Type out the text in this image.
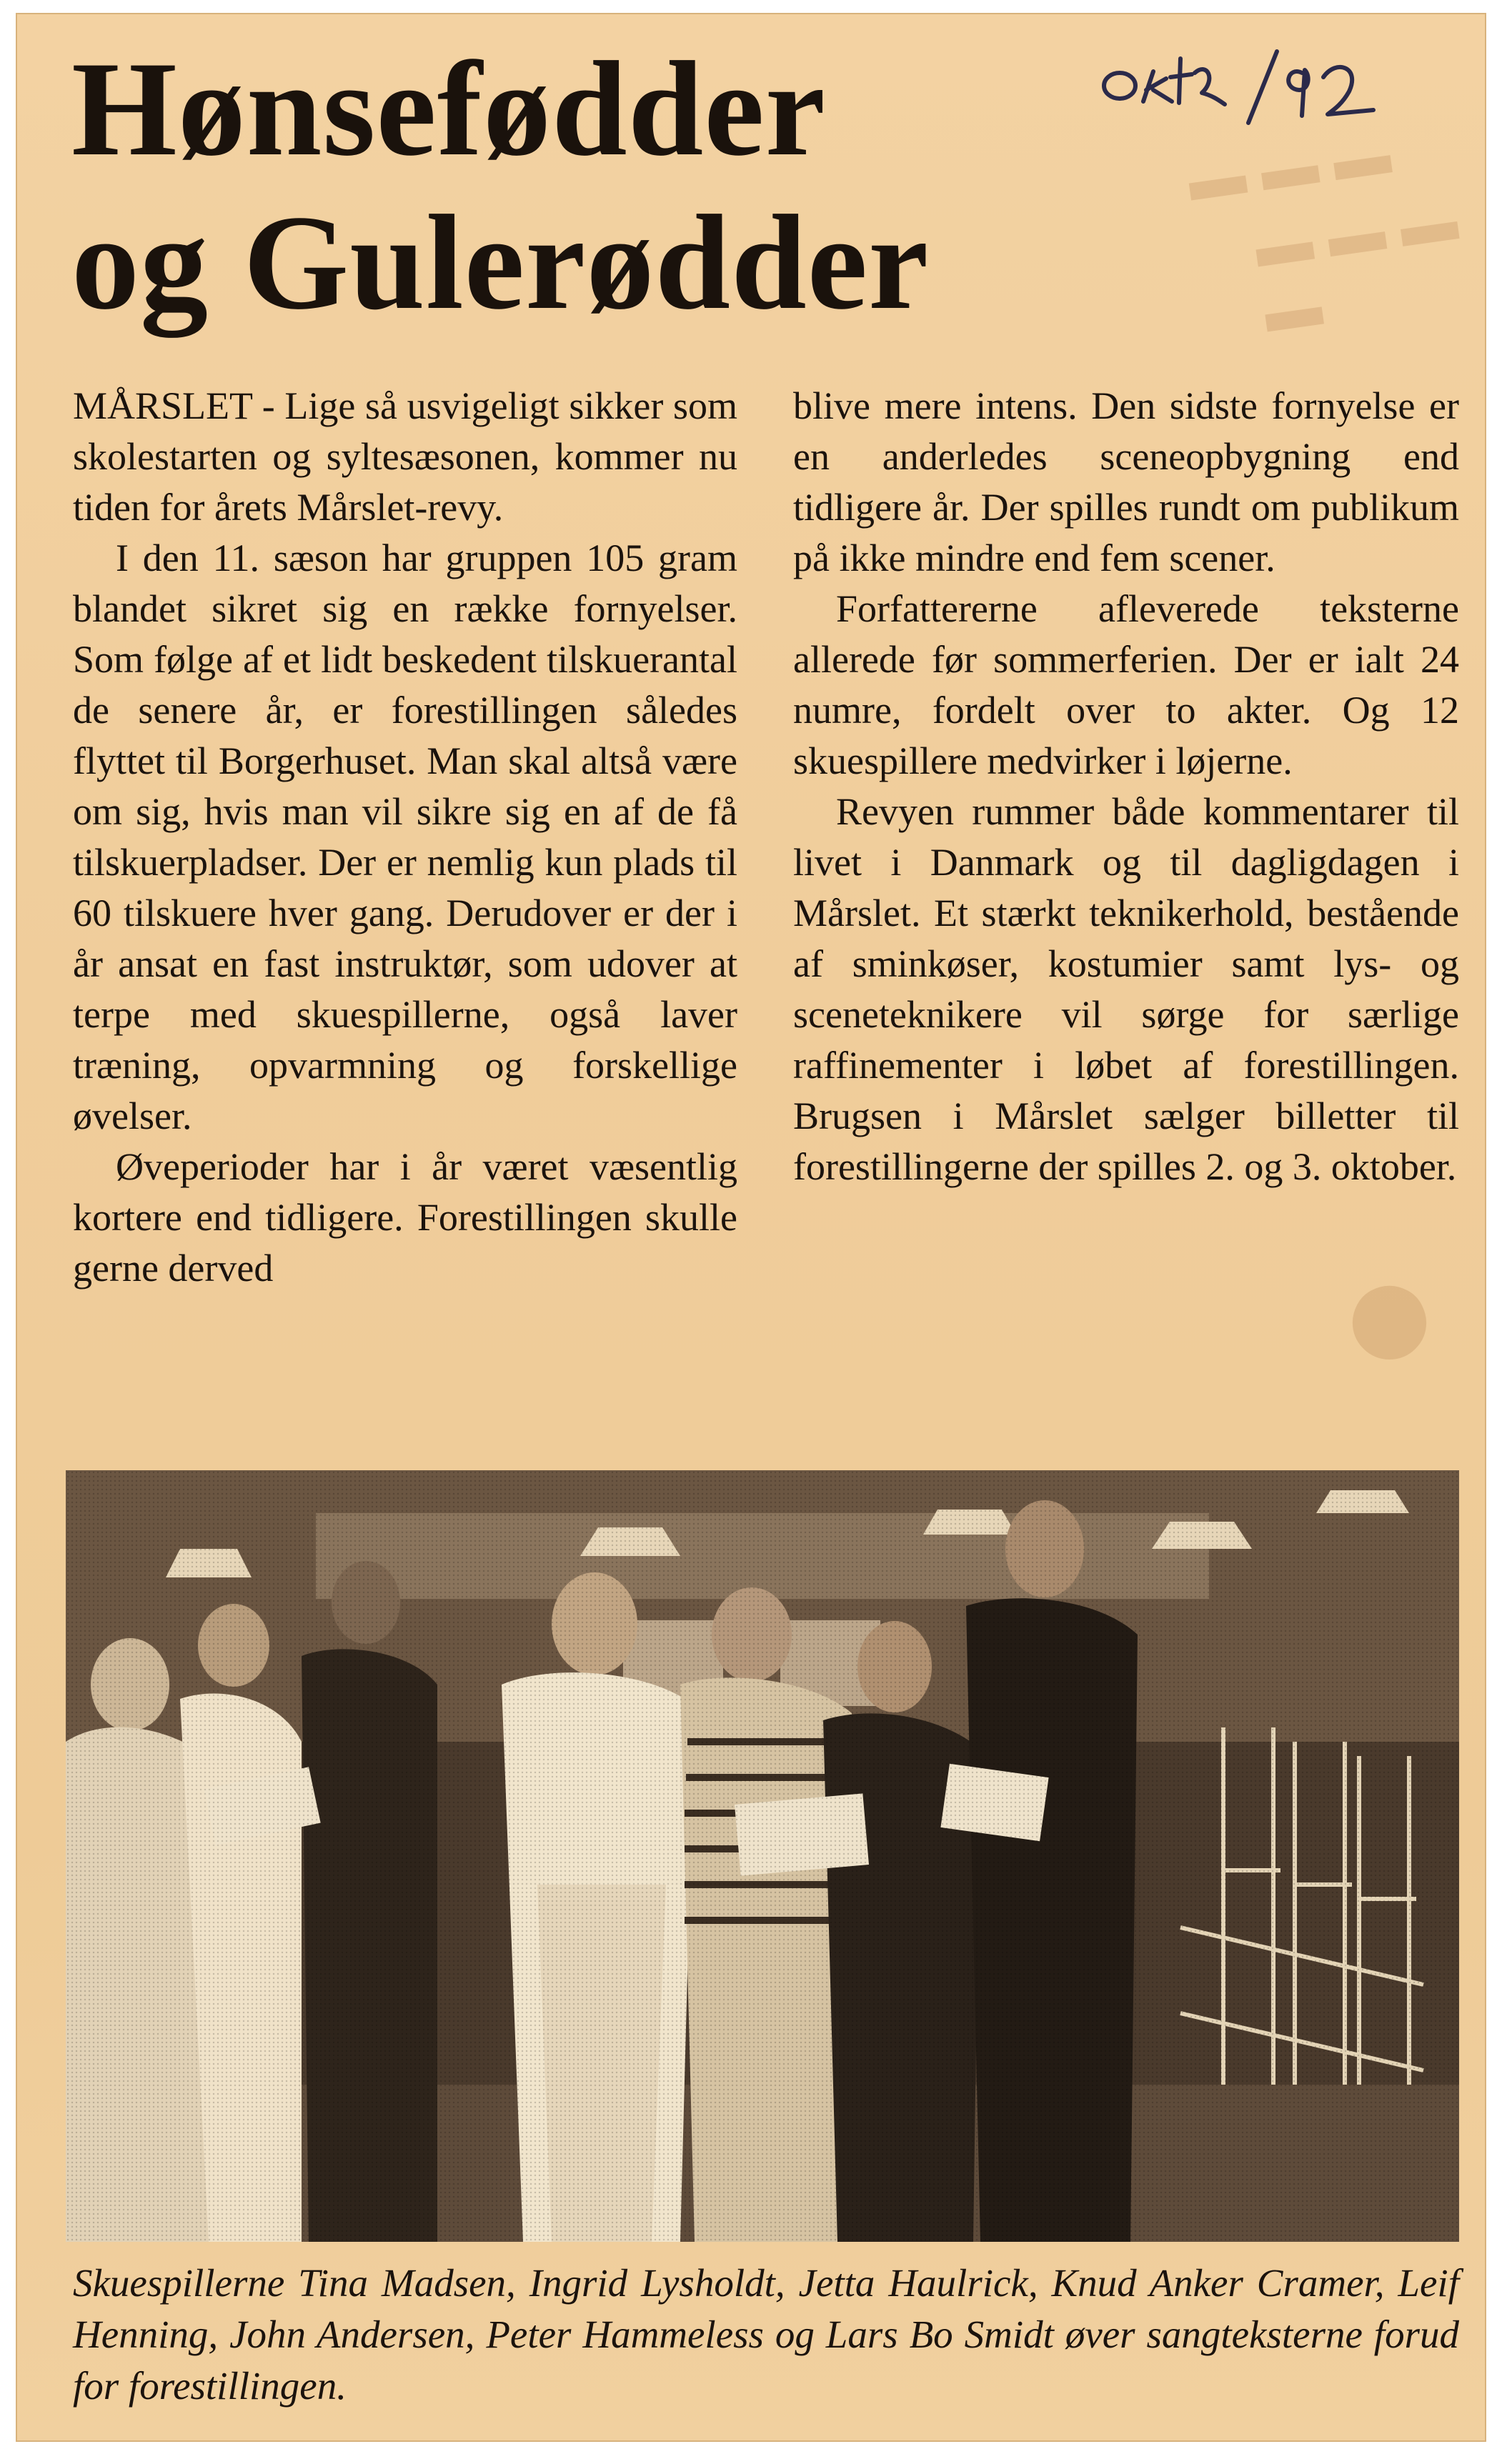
▬ ▬ ▬
▬ ▬ ▬ ▬
●
Hønsefødder
og Gulerødder

MÅRSLET - Lige så usvigeligt sikker som skolestarten og syltesæsonen, kommer nu tiden for årets Mårslet-revy.

I den 11. sæson har gruppen 105 gram blandet sikret sig en række fornyelser. Som følge af et lidt beskedent tilskuerantal de senere år, er forestillingen således flyttet til Borgerhuset. Man skal altså være om sig, hvis man vil sikre sig en af de få tilskuerpladser. Der er nemlig kun plads til 60 tilskuere hver gang. Derudover er der i år ansat en fast instruktør, som udover at terpe med skuespillerne, også laver træning, opvarmning og forskellige øvelser.

Øveperioder har i år været væsentlig kortere end tidligere. Forestillingen skulle gerne derved

blive mere intens. Den sidste fornyelse er en anderledes sceneopbygning end tidligere år. Der spilles rundt om publikum på ikke mindre end fem scener.

Forfattererne afleverede teksterne allerede før sommerferien. Der er ialt 24 numre, fordelt over to akter. Og 12 skuespillere medvirker i løjerne.

Revyen rummer både kommentarer til livet i Danmark og til dagligdagen i Mårslet. Et stærkt teknikerhold, bestående af sminkøser, kostumier samt lys- og sceneteknikere vil sørge for særlige raffinementer i løbet af forestillingen. Brugsen i Mårslet sælger billetter til forestillingerne der spilles 2. og 3. oktober.

Skuespillerne Tina Madsen, Ingrid Lysholdt, Jetta Haulrick, Knud Anker Cramer, Leif Henning, John Andersen, Peter Hammeless og Lars Bo Smidt øver sangteksterne forud for forestillingen.
